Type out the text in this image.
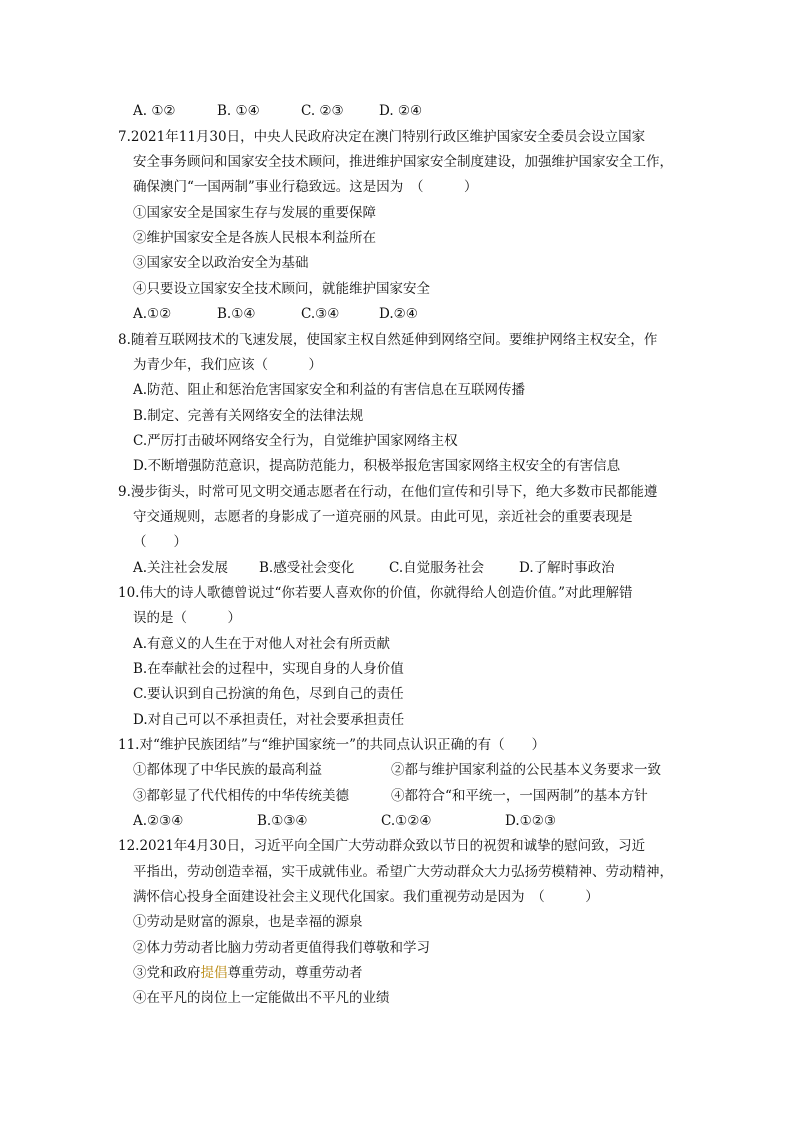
A. ①②	B. ①④	C. ②③	D. ②④
7.2021年11月30日，中央人民政府决定在澳门特别行政区维护国家安全委员会设立国家
安全事务顾问和国家安全技术顾问，推进维护国家安全制度建设，加强维护国家安全工作，
确保澳门“一国两制”事业行稳致远。这是因为　（　　　）
①国家安全是国家生存与发展的重要保障
②维护国家安全是各族人民根本利益所在
③国家安全以政治安全为基础
④只要设立国家安全技术顾问，就能维护国家安全
A.①②	B.①④	C.③④	D.②④
8.随着互联网技术的飞速发展，使国家主权自然延伸到网络空间。要维护网络主权安全，作
为青少年，我们应该（　　　）
A.防范、阻止和惩治危害国家安全和利益的有害信息在互联网传播
B.制定、完善有关网络安全的法律法规
C.严厉打击破坏网络安全行为，自觉维护国家网络主权
D.不断增强防范意识，提高防范能力，积极举报危害国家网络主权安全的有害信息
9.漫步街头，时常可见文明交通志愿者在行动，在他们宣传和引导下，绝大多数市民都能遵
守交通规则，志愿者的身影成了一道亮丽的风景。由此可见，亲近社会的重要表现是
（　　）
A.关注社会发展	B.感受社会变化	C.自觉服务社会	D.了解时事政治
10.伟大的诗人歌德曾说过“你若要人喜欢你的价值，你就得给人创造价值。”对此理解错
误的是（　　　）
A.有意义的人生在于对他人对社会有所贡献
B.在奉献社会的过程中，实现自身的人身价值
C.要认识到自己扮演的角色，尽到自己的责任
D.对自己可以不承担责任，对社会要承担责任
11.对“维护民族团结”与“维护国家统一”的共同点认识正确的有（　　）
①都体现了中华民族的最高利益	②都与维护国家利益的公民基本义务要求一致
③都彰显了代代相传的中华传统美德	④都符合“和平统一，一国两制”的基本方针
A.②③④	B.①③④	C.①②④	D.①②③
12.2021年4月30日，习近平向全国广大劳动群众致以节日的祝贺和诚挚的慰问致，习近
平指出，劳动创造幸福，实干成就伟业。希望广大劳动群众大力弘扬劳模精神、劳动精神，
满怀信心投身全面建设社会主义现代化国家。我们重视劳动是因为　（　　　）
①劳动是财富的源泉，也是幸福的源泉
②体力劳动者比脑力劳动者更值得我们尊敬和学习
③党和政府提倡尊重劳动，尊重劳动者
④在平凡的岗位上一定能做出不平凡的业绩
